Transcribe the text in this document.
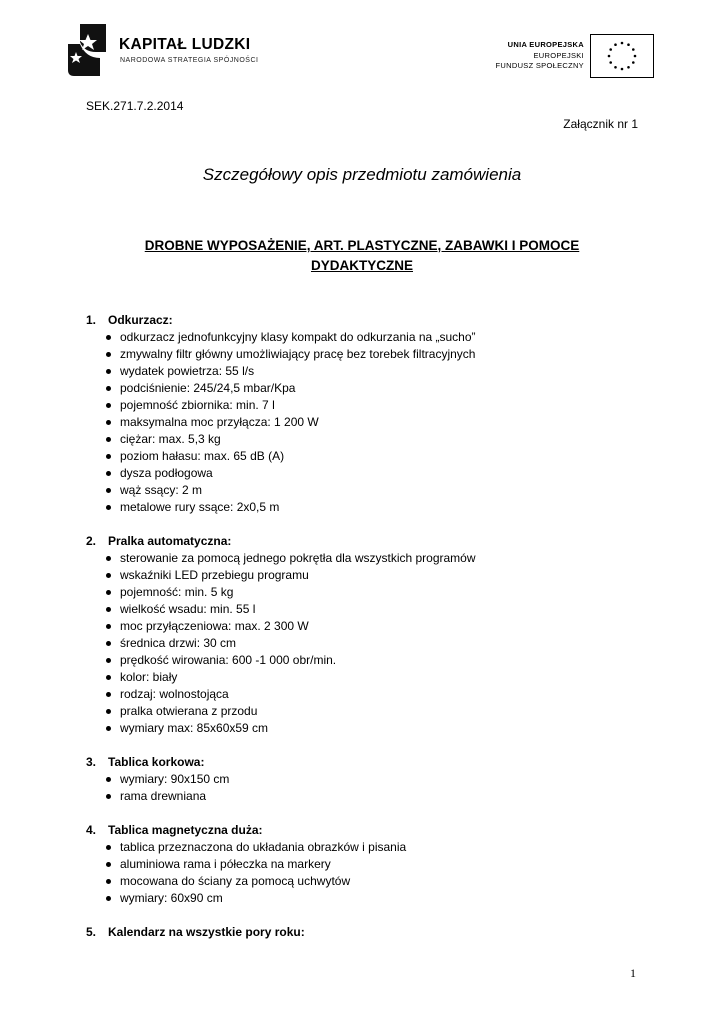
KAPITAŁ LUDZKI
NARODOWA STRATEGIA SPÓJNOŚCI
UNIA EUROPEJSKA
EUROPEJSKI
FUNDUSZ SPOŁECZNY
SEK.271.7.2.2014
Załącznik nr 1
Szczegółowy opis przedmiotu zamówienia
DROBNE WYPOSAŻENIE, ART. PLASTYCZNE, ZABAWKI I POMOCE
DYDAKTYCZNE
1. Odkurzacz:
odkurzacz jednofunkcyjny klasy kompakt do odkurzania na „sucho”
zmywalny filtr główny umożliwiający pracę bez torebek filtracyjnych
wydatek powietrza: 55 l/s
podciśnienie: 245/24,5 mbar/Kpa
pojemność zbiornika: min. 7 l
maksymalna moc przyłącza: 1 200 W
ciężar: max. 5,3 kg
poziom hałasu: max. 65 dB (A)
dysza podłogowa
wąż ssący: 2 m
metalowe rury ssące: 2x0,5 m
2. Pralka automatyczna:
sterowanie za pomocą jednego pokrętła dla wszystkich programów
wskaźniki LED przebiegu programu
pojemność: min. 5 kg
wielkość wsadu: min. 55 l
moc przyłączeniowa: max. 2 300 W
średnica drzwi: 30 cm
prędkość wirowania: 600 -1 000 obr/min.
kolor: biały
rodzaj: wolnostojąca
pralka otwierana z przodu
wymiary max: 85x60x59 cm
3. Tablica korkowa:
wymiary: 90x150 cm
rama drewniana
4. Tablica magnetyczna duża:
tablica przeznaczona do układania obrazków i pisania
aluminiowa rama i półeczka na markery
mocowana do ściany za pomocą uchwytów
wymiary: 60x90 cm
5. Kalendarz na wszystkie pory roku:
1
